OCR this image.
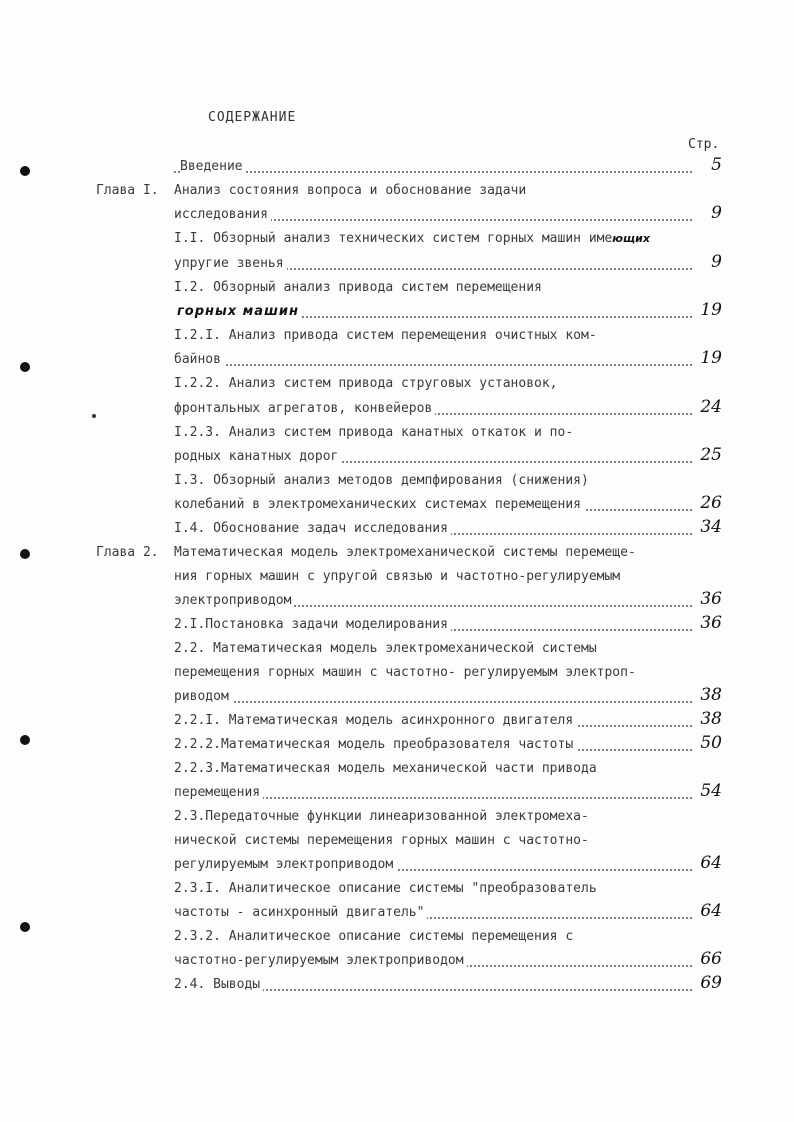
СОДЕРЖАНИЕ
Стр.
Введение	5
Глава I. Анализ состояния вопроса и обоснование задачи
исследования	9
I.I. Обзорный анализ технических систем горных машин имеющих
упругие звенья	9
I.2. Обзорный анализ привода систем перемещения
горных машин	19
I.2.I. Анализ привода систем перемещения очистных ком-
байнов	19
I.2.2. Анализ систем привода струговых установок,
фронтальных агрегатов, конвейеров	24
I.2.3. Анализ систем привода канатных откаток и по-
родных канатных дорог	25
I.3. Обзорный анализ методов демпфирования (снижения)
колебаний в электромеханических системах перемещения	26
I.4. Обоснование задач исследования	34
Глава 2. Математическая модель электромеханической системы перемеще-
ния горных машин с упругой связью и частотно-регулируемым
электроприводом	36
2.I.Постановка задачи моделирования	36
2.2. Математическая модель электромеханической системы
перемещения горных машин с частотно- регулируемым электроп-
риводом	38
2.2.I. Математическая модель асинхронного двигателя	38
2.2.2.Математическая модель преобразователя частоты	50
2.2.3.Математическая модель механической части привода
перемещения	54
2.3.Передаточные функции линеаризованной электромеха-
нической системы перемещения горных машин с частотно-
регулируемым электроприводом	64
2.3.I. Аналитическое описание системы "преобразователь
частоты - асинхронный двигатель"	64
2.3.2. Аналитическое описание системы перемещения с
частотно-регулируемым электроприводом	66
2.4. Выводы	69
